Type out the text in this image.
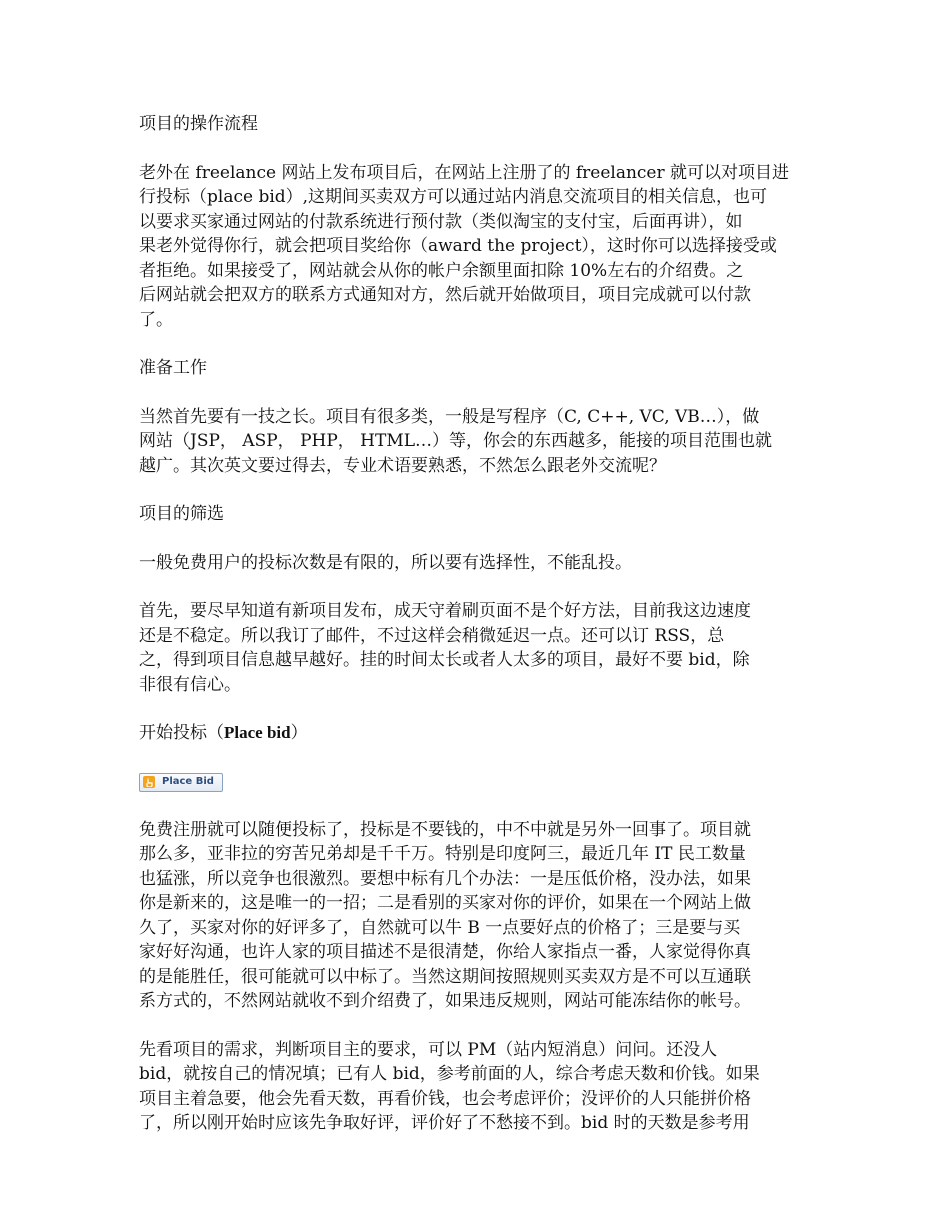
项目的操作流程
老外在 freelance 网站上发布项目后，在网站上注册了的 freelancer 就可以对项目进
行投标（place bid）,这期间买卖双方可以通过站内消息交流项目的相关信息，也可
以要求买家通过网站的付款系统进行预付款（类似淘宝的支付宝，后面再讲），如
果老外觉得你行，就会把项目奖给你（award the project），这时你可以选择接受或
者拒绝。如果接受了，网站就会从你的帐户余额里面扣除 10%左右的介绍费。之
后网站就会把双方的联系方式通知对方，然后就开始做项目，项目完成就可以付款
了。
准备工作
当然首先要有一技之长。项目有很多类，一般是写程序（C, C++, VC, VB…），做
网站（JSP， ASP， PHP， HTML…）等，你会的东西越多，能接的项目范围也就
越广。其次英文要过得去，专业术语要熟悉，不然怎么跟老外交流呢？
项目的筛选
一般免费用户的投标次数是有限的，所以要有选择性，不能乱投。
首先，要尽早知道有新项目发布，成天守着刷页面不是个好方法，目前我这边速度
还是不稳定。所以我订了邮件，不过这样会稍微延迟一点。还可以订 RSS，总
之，得到项目信息越早越好。挂的时间太长或者人太多的项目，最好不要 bid，除
非很有信心。
开始投标（Place bid）
Place Bid
免费注册就可以随便投标了，投标是不要钱的，中不中就是另外一回事了。项目就
那么多，亚非拉的穷苦兄弟却是千千万。特别是印度阿三，最近几年 IT 民工数量
也猛涨，所以竞争也很激烈。要想中标有几个办法：一是压低价格，没办法，如果
你是新来的，这是唯一的一招；二是看别的买家对你的评价，如果在一个网站上做
久了，买家对你的好评多了，自然就可以牛 B 一点要好点的价格了；三是要与买
家好好沟通，也许人家的项目描述不是很清楚，你给人家指点一番，人家觉得你真
的是能胜任，很可能就可以中标了。当然这期间按照规则买卖双方是不可以互通联
系方式的，不然网站就收不到介绍费了，如果违反规则，网站可能冻结你的帐号。
先看项目的需求，判断项目主的要求，可以 PM（站内短消息）问问。还没人
bid，就按自己的情况填；已有人 bid，参考前面的人，综合考虑天数和价钱。如果
项目主着急要，他会先看天数，再看价钱，也会考虑评价；没评价的人只能拼价格
了，所以刚开始时应该先争取好评，评价好了不愁接不到。bid 时的天数是参考用
